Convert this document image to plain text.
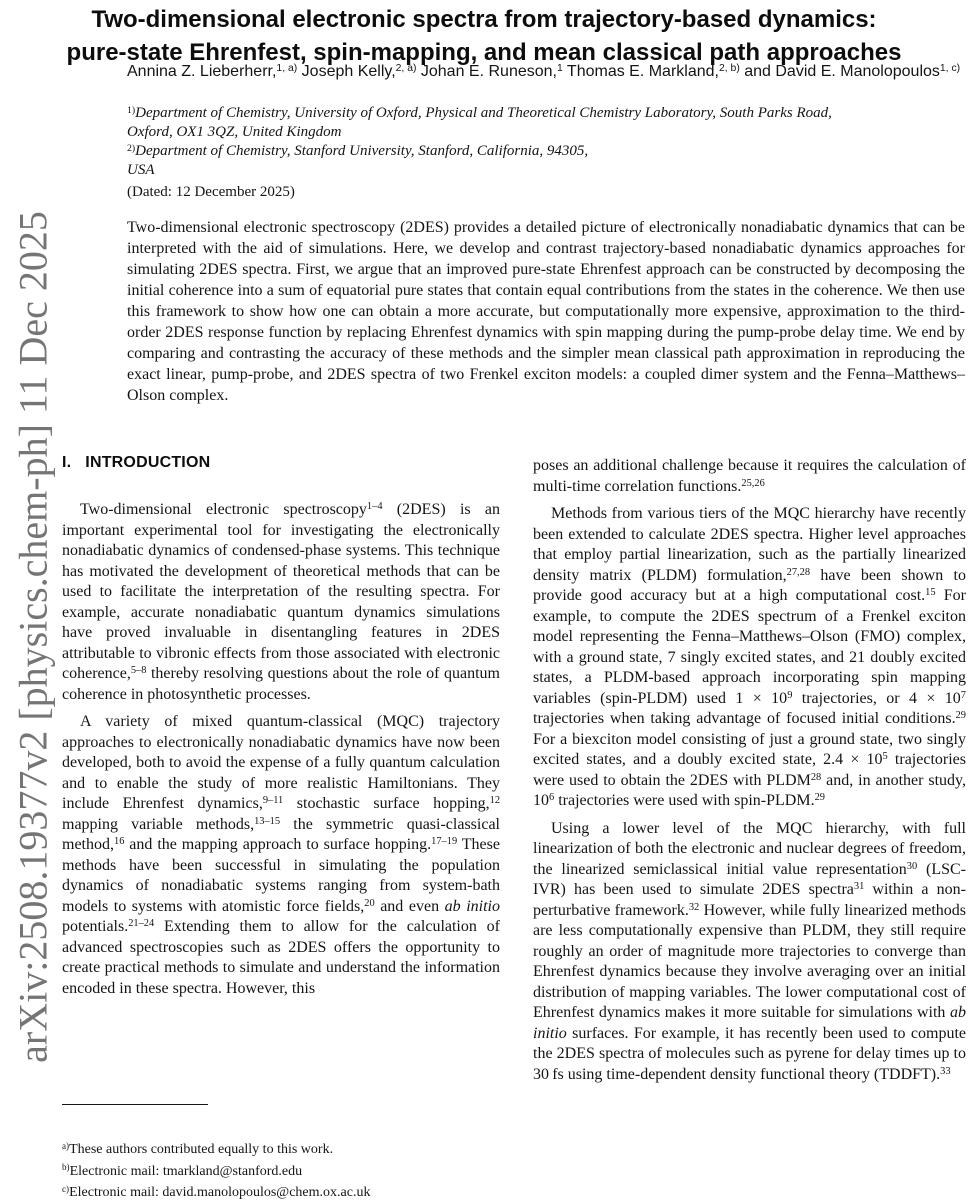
arXiv:2508.19377v2 [physics.chem-ph] 11 Dec 2025
Two-dimensional electronic spectra from trajectory-based dynamics:
pure-state Ehrenfest, spin-mapping, and mean classical path approaches
Annina Z. Lieberherr,$^{1, a)}$ Joseph Kelly,$^{2, a)}$ Johan E. Runeson,$^1$ Thomas E. Markland,$^{2, b)}$ and David E. Manolopoulos$^{1, c)}$
$^{1)}$Department of Chemistry, University of Oxford, Physical and Theoretical Chemistry Laboratory, South Parks Road,
Oxford, OX1 3QZ, United Kingdom
$^{2)}$Department of Chemistry, Stanford University, Stanford, California, 94305,
USA
(Dated: 12 December 2025)
Two-dimensional electronic spectroscopy (2DES) provides a detailed picture of electronically nonadiabatic dynamics that can be interpreted with the aid of simulations. Here, we develop and contrast trajectory-based nonadiabatic dynamics approaches for simulating 2DES spectra. First, we argue that an improved pure-state Ehrenfest approach can be constructed by decomposing the initial coherence into a sum of equatorial pure states that contain equal contributions from the states in the coherence. We then use this framework to show how one can obtain a more accurate, but computationally more expensive, approximation to the third-order 2DES response function by replacing Ehrenfest dynamics with spin mapping during the pump-probe delay time. We end by comparing and contrasting the accuracy of these methods and the simpler mean classical path approximation in reproducing the exact linear, pump-probe, and 2DES spectra of two Frenkel exciton models: a coupled dimer system and the Fenna–Matthews–Olson complex.
I. INTRODUCTION

Two-dimensional electronic spectroscopy$^{1-4}$ (2DES) is an important experimental tool for investigating the electronically nonadiabatic dynamics of condensed-phase systems. This technique has motivated the development of theoretical methods that can be used to facilitate the interpretation of the resulting spectra. For example, accurate nonadiabatic quantum dynamics simulations have proved invaluable in disentangling features in 2DES attributable to vibronic effects from those associated with electronic coherence,$^{5-8}$ thereby resolving questions about the role of quantum coherence in photosynthetic processes.

A variety of mixed quantum-classical (MQC) trajectory approaches to electronically nonadiabatic dynamics have now been developed, both to avoid the expense of a fully quantum calculation and to enable the study of more realistic Hamiltonians. They include Ehrenfest dynamics,$^{9-11}$ stochastic surface hopping,$^{12}$ mapping variable methods,$^{13-15}$ the symmetric quasi-classical method,$^{16}$ and the mapping approach to surface hopping.$^{17-19}$ These methods have been successful in simulating the population dynamics of nonadiabatic systems ranging from system-bath models to systems with atomistic force fields,$^{20}$ and even ab initio potentials.$^{21-24}$ Extending them to allow for the calculation of advanced spectroscopies such as 2DES offers the opportunity to create practical methods to simulate and understand the information encoded in these spectra. However, this

poses an additional challenge because it requires the calculation of multi-time correlation functions.$^{25,26}$

Methods from various tiers of the MQC hierarchy have recently been extended to calculate 2DES spectra. Higher level approaches that employ partial linearization, such as the partially linearized density matrix (PLDM) formulation,$^{27,28}$ have been shown to provide good accuracy but at a high computational cost.$^{15}$ For example, to compute the 2DES spectrum of a Frenkel exciton model representing the Fenna–Matthews–Olson (FMO) complex, with a ground state, 7 singly excited states, and 21 doubly excited states, a PLDM-based approach incorporating spin mapping variables (spin-PLDM) used $1 \times 10^9$ trajectories, or $4 \times 10^7$ trajectories when taking advantage of focused initial conditions.$^{29}$ For a biexciton model consisting of just a ground state, two singly excited states, and a doubly excited state, $2.4 \times 10^5$ trajectories were used to obtain the 2DES with PLDM$^{28}$ and, in another study, $10^6$ trajectories were used with spin-PLDM.$^{29}$

Using a lower level of the MQC hierarchy, with full linearization of both the electronic and nuclear degrees of freedom, the linearized semiclassical initial value representation$^{30}$ (LSC-IVR) has been used to simulate 2DES spectra$^{31}$ within a non-perturbative framework.$^{32}$ However, while fully linearized methods are less computationally expensive than PLDM, they still require roughly an order of magnitude more trajectories to converge than Ehrenfest dynamics because they involve averaging over an initial distribution of mapping variables. The lower computational cost of Ehrenfest dynamics makes it more suitable for simulations with ab initio surfaces. For example, it has recently been used to compute the 2DES spectra of molecules such as pyrene for delay times up to 30 fs using time-dependent density functional theory (TDDFT).$^{33}$

$^{a)}$These authors contributed equally to this work.
$^{b)}$Electronic mail: tmarkland@stanford.edu
$^{c)}$Electronic mail: david.manolopoulos@chem.ox.ac.uk
